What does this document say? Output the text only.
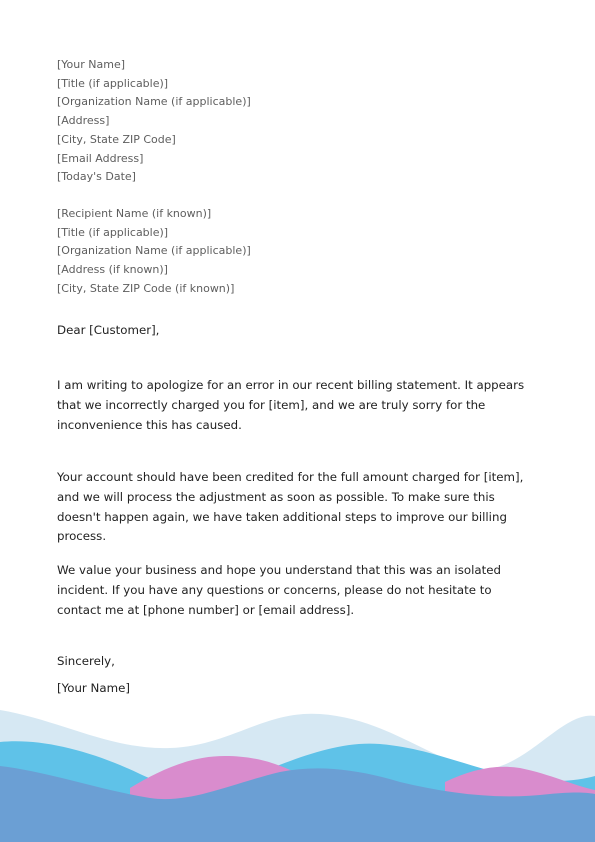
[Your Name]
[Title (if applicable)]
[Organization Name (if applicable)]
[Address]
[City, State ZIP Code]
[Email Address]
[Today's Date]
[Recipient Name (if known)]
[Title (if applicable)]
[Organization Name (if applicable)]
[Address (if known)]
[City, State ZIP Code (if known)]

Dear [Customer],

I am writing to apologize for an error in our recent billing statement. It appears that we incorrectly charged you for [item], and we are truly sorry for the inconvenience this has caused.

Your account should have been credited for the full amount charged for [item], and we will process the adjustment as soon as possible. To make sure this doesn't happen again, we have taken additional steps to improve our billing process.

We value your business and hope you understand that this was an isolated incident. If you have any questions or concerns, please do not hesitate to contact me at [phone number] or [email address].

Sincerely,

[Your Name]
